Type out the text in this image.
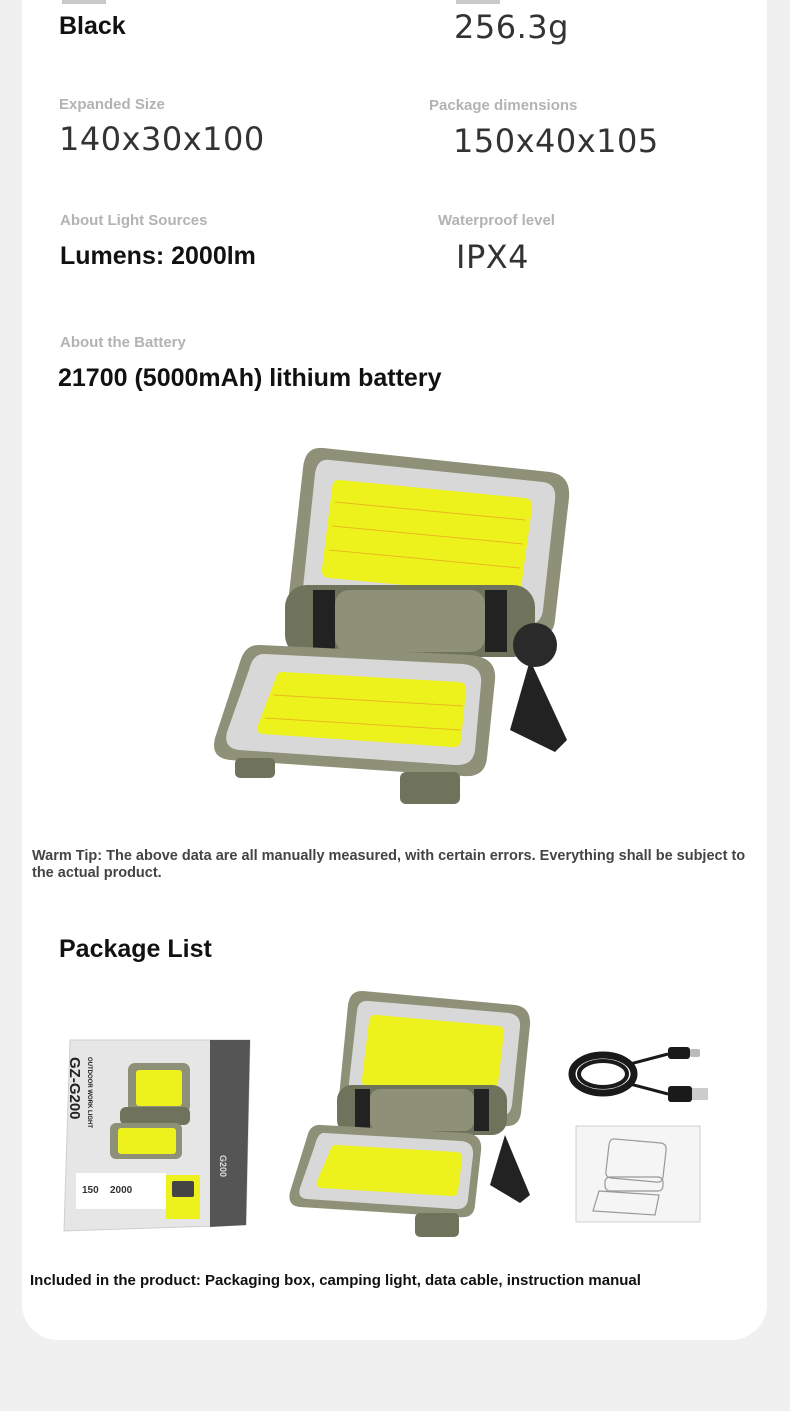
Black	256.3g
Expanded Size
140x30x100
Package dimensions
150x40x105
About Light Sources
Lumens: 2000lm
Waterproof level
IPX4
About the Battery
21700 (5000mAh) lithium battery
Warm Tip: The above data are all manually measured, with certain errors. Everything shall be subject to the actual product.
Package List
OUTDOOR WORK LIGHT
GZ-G200
G200
150 2000
Included in the product: Packaging box, camping light, data cable, instruction manual
